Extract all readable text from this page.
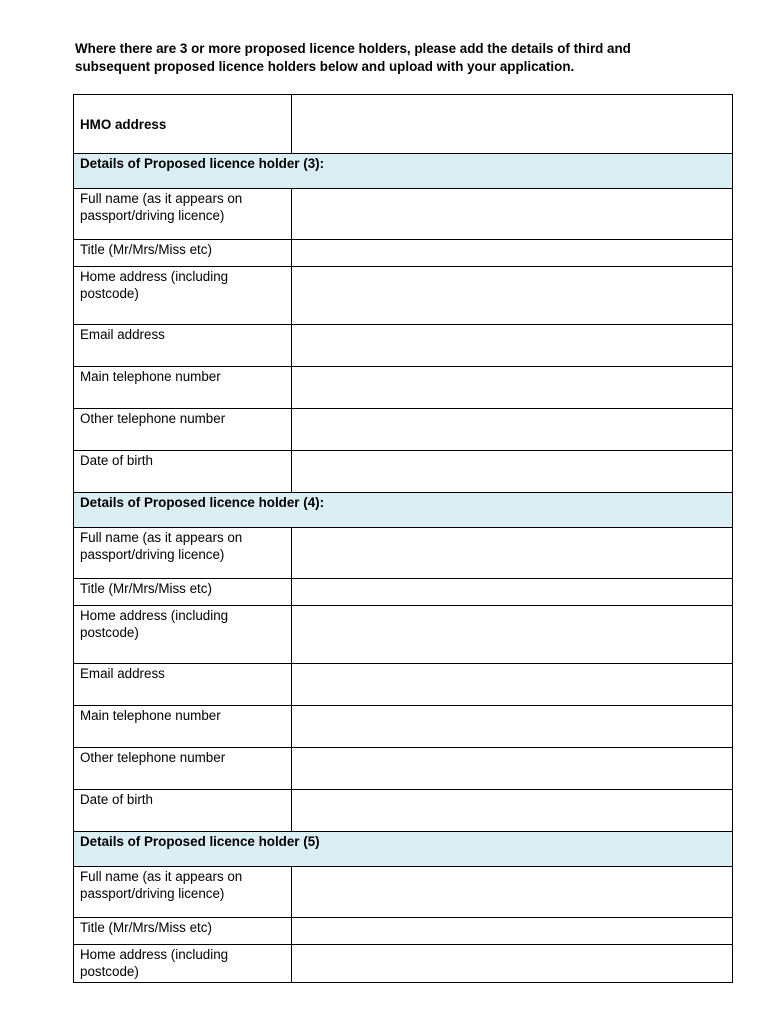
Where there are 3 or more proposed licence holders, please add the details of third and
subsequent proposed licence holders below and upload with your application.

HMO address	
Details of Proposed licence holder (3):	
Full name (as it appears on
passport/driving licence)	
Title (Mr/Mrs/Miss etc)	
Home address (including
postcode)	
Email address	
Main telephone number	
Other telephone number	
Date of birth	
Details of Proposed licence holder (4):	
Full name (as it appears on
passport/driving licence)	
Title (Mr/Mrs/Miss etc)	
Home address (including
postcode)	
Email address	
Main telephone number	
Other telephone number	
Date of birth	
Details of Proposed licence holder (5)	
Full name (as it appears on
passport/driving licence)	
Title (Mr/Mrs/Miss etc)	
Home address (including
postcode)	
